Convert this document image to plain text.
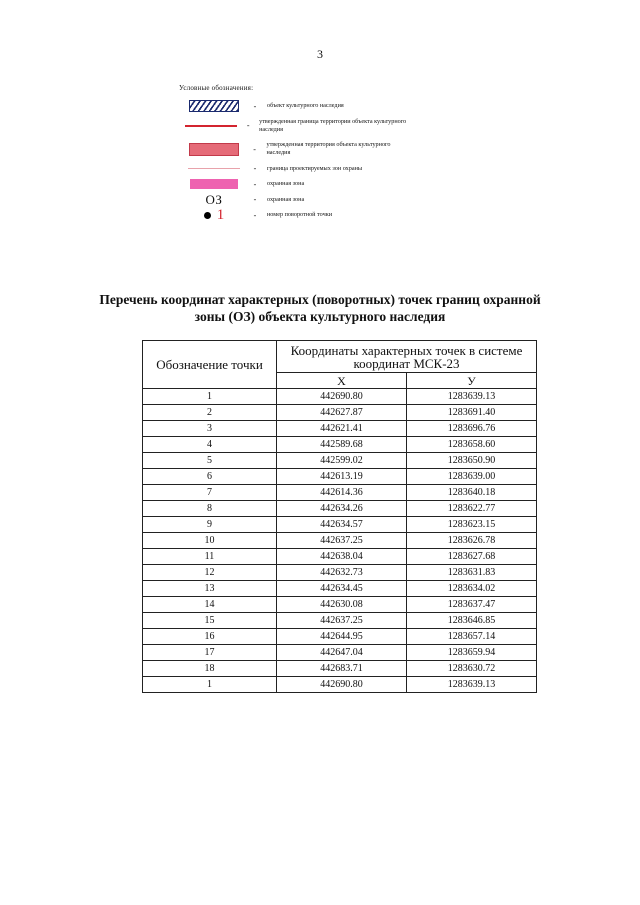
3
Условные обозначения:
-	объект культурного наследия
-	утвержденная граница территории объекта культурного наследия
-	утвержденная территория объекта культурного наследия
-	граница проектируемых зон охраны
-	охранная зона
ОЗ	-	охранная зона
1	-	номер поворотной точки
Перечень координат характерных (поворотных) точек границ охранной
зоны (ОЗ) объекта культурного наследия
Обозначение точки	Координаты характерных точек в системе координат МСК-23	
	Х	У
1	442690.80	1283639.13
2	442627.87	1283691.40
3	442621.41	1283696.76
4	442589.68	1283658.60
5	442599.02	1283650.90
6	442613.19	1283639.00
7	442614.36	1283640.18
8	442634.26	1283622.77
9	442634.57	1283623.15
10	442637.25	1283626.78
11	442638.04	1283627.68
12	442632.73	1283631.83
13	442634.45	1283634.02
14	442630.08	1283637.47
15	442637.25	1283646.85
16	442644.95	1283657.14
17	442647.04	1283659.94
18	442683.71	1283630.72
1	442690.80	1283639.13
